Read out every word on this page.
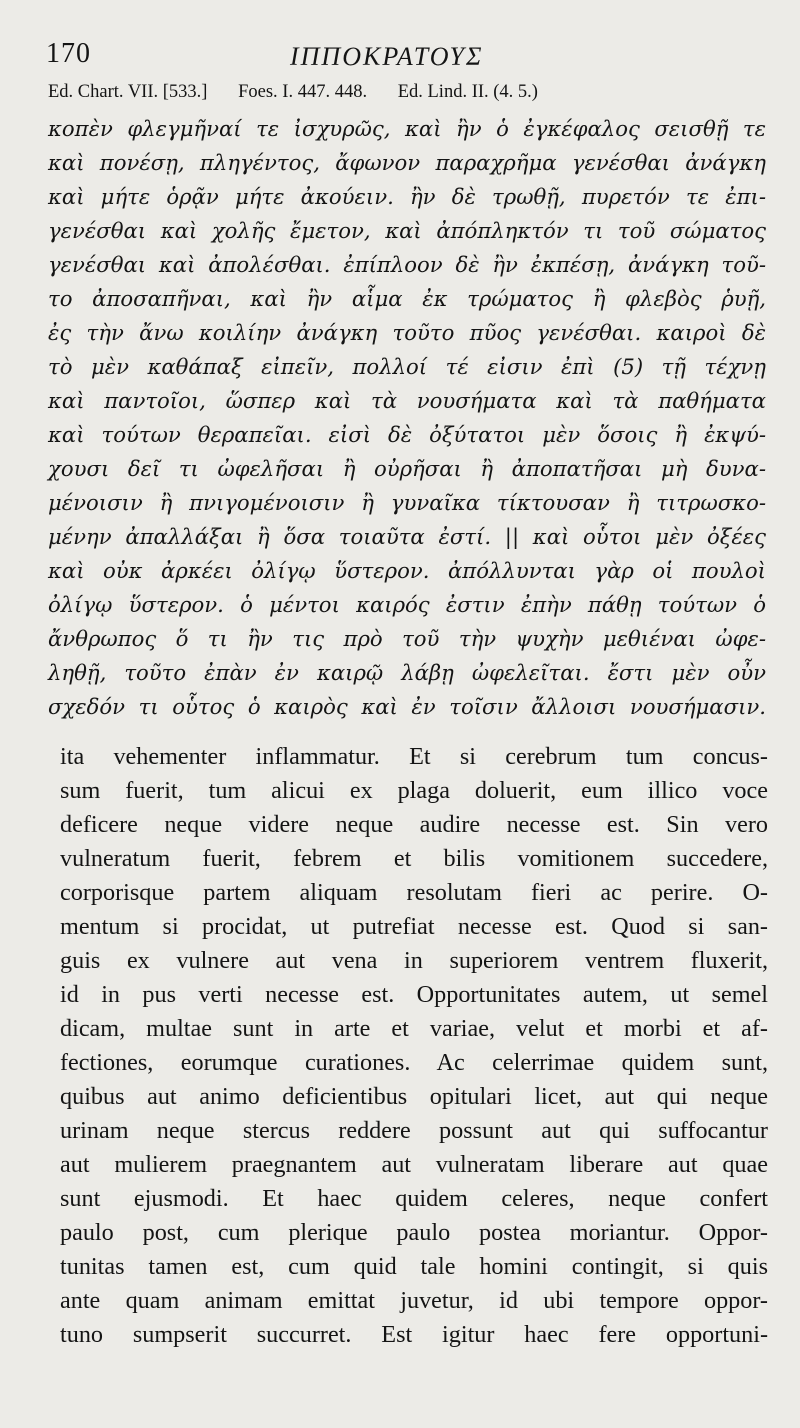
170	ΙΠΠΟΚΡΑΤΟΥΣ
Ed. Chart. VII. [533.] Foes. I. 447. 448. Ed. Lind. II. (4. 5.)
κοπὲν φλεγμῆναί τε ἰσχυρῶς, καὶ ἢν ὁ ἐγκέφαλος σεισθῇ τε
καὶ πονέσῃ, πληγέντος, ἄφωνον παραχρῆμα γενέσθαι ἀνάγκη
καὶ μήτε ὁρᾷν μήτε ἀκούειν. ἢν δὲ τρωθῇ, πυρετόν τε ἐπι-
γενέσθαι καὶ χολῆς ἔμετον, καὶ ἀπόπληκτόν τι τοῦ σώματος
γενέσθαι καὶ ἀπολέσθαι. ἐπίπλοον δὲ ἢν ἐκπέσῃ, ἀνάγκη τοῦ-
το ἀποσαπῆναι, καὶ ἢν αἷμα ἐκ τρώματος ἢ φλεβὸς ῥυῇ,
ἐς τὴν ἄνω κοιλίην ἀνάγκη τοῦτο πῦος γενέσθαι. καιροὶ δὲ
τὸ μὲν καθάπαξ εἰπεῖν, πολλοί τέ εἰσιν ἐπὶ (5) τῇ τέχνῃ
καὶ παντοῖοι, ὥσπερ καὶ τὰ νουσήματα καὶ τὰ παθήματα
καὶ τούτων θεραπεῖαι. εἰσὶ δὲ ὀξύτατοι μὲν ὅσοις ἢ ἐκψύ-
χουσι δεῖ τι ὠφελῆσαι ἢ οὐρῆσαι ἢ ἀποπατῆσαι μὴ δυνα-
μένοισιν ἢ πνιγομένοισιν ἢ γυναῖκα τίκτουσαν ἢ τιτρωσκο-
μένην ἀπαλλάξαι ἢ ὅσα τοιαῦτα ἐστί. || καὶ οὗτοι μὲν ὀξέες
καὶ οὐκ ἀρκέει ὀλίγῳ ὕστερον. ἀπόλλυνται γὰρ οἱ πουλοὶ
ὀλίγῳ ὕστερον. ὁ μέντοι καιρός ἐστιν ἐπὴν πάθῃ τούτων ὁ
ἄνθρωπος ὅ τι ἢν τις πρὸ τοῦ τὴν ψυχὴν μεθιέναι ὠφε-
ληθῇ, τοῦτο ἐπὰν ἐν καιρῷ λάβῃ ὠφελεῖται. ἔστι μὲν οὖν
σχεδόν τι οὗτος ὁ καιρὸς καὶ ἐν τοῖσιν ἄλλοισι νουσήμασιν.
ita vehementer inflammatur. Et si cerebrum tum concus-
sum fuerit, tum alicui ex plaga doluerit, eum illico voce
deficere neque videre neque audire necesse est. Sin vero
vulneratum fuerit, febrem et bilis vomitionem succedere,
corporisque partem aliquam resolutam fieri ac perire. O-
mentum si procidat, ut putrefiat necesse est. Quod si san-
guis ex vulnere aut vena in superiorem ventrem fluxerit,
id in pus verti necesse est. Opportunitates autem, ut semel
dicam, multae sunt in arte et variae, velut et morbi et af-
fectiones, eorumque curationes. Ac celerrimae quidem sunt,
quibus aut animo deficientibus opitulari licet, aut qui neque
urinam neque stercus reddere possunt aut qui suffocantur
aut mulierem praegnantem aut vulneratam liberare aut quae
sunt ejusmodi. Et haec quidem celeres, neque confert
paulo post, cum plerique paulo postea moriantur. Oppor-
tunitas tamen est, cum quid tale homini contingit, si quis
ante quam animam emittat juvetur, id ubi tempore oppor-
tuno sumpserit succurret. Est igitur haec fere opportuni-
